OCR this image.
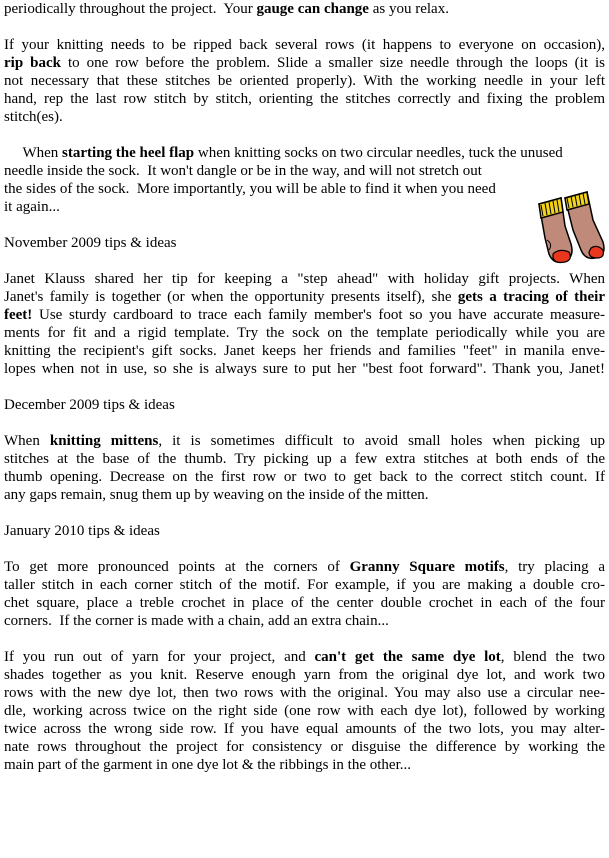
periodically throughout the project.  Your gauge can change as you relax.
If your knitting needs to be ripped back several rows (it happens to everyone on occasion),
rip back to one row before the problem. Slide a smaller size needle through the loops (it is
not necessary that these stitches be oriented properly). With the working needle in your left
hand, rep the last row stitch by stitch, orienting the stitches correctly and fixing the problem
stitch(es).
When starting the heel flap when knitting socks on two circular needles, tuck the unused
needle inside the sock.  It won't dangle or be in the way, and will not stretch out
the sides of the sock.  More importantly, you will be able to find it when you need
it again...
November 2009 tips & ideas
Janet Klauss shared her tip for keeping a "step ahead" with holiday gift projects. When
Janet's family is together (or when the opportunity presents itself), she gets a tracing of their
feet! Use sturdy cardboard to trace each family member's foot so you have accurate measure-
ments for fit and a rigid template. Try the sock on the template periodically while you are
knitting the recipient's gift socks. Janet keeps her friends and families "feet" in manila enve-
lopes when not in use, so she is always sure to put her "best foot forward". Thank you, Janet!
December 2009 tips & ideas
When knitting mittens, it is sometimes difficult to avoid small holes when picking up
stitches at the base of the thumb. Try picking up a few extra stitches at both ends of the
thumb opening. Decrease on the first row or two to get back to the correct stitch count. If
any gaps remain, snug them up by weaving on the inside of the mitten.
January 2010 tips & ideas
To get more pronounced points at the corners of Granny Square motifs, try placing a
taller stitch in each corner stitch of the motif. For example, if you are making a double cro-
chet square, place a treble crochet in place of the center double crochet in each of the four
corners.  If the corner is made with a chain, add an extra chain...
If you run out of yarn for your project, and can't get the same dye lot, blend the two
shades together as you knit. Reserve enough yarn from the original dye lot, and work two
rows with the new dye lot, then two rows with the original. You may also use a circular nee-
dle, working across twice on the right side (one row with each dye lot), followed by working
twice across the wrong side row. If you have equal amounts of the two lots, you may alter-
nate rows throughout the project for consistency or disguise the difference by working the
main part of the garment in one dye lot & the ribbings in the other...
